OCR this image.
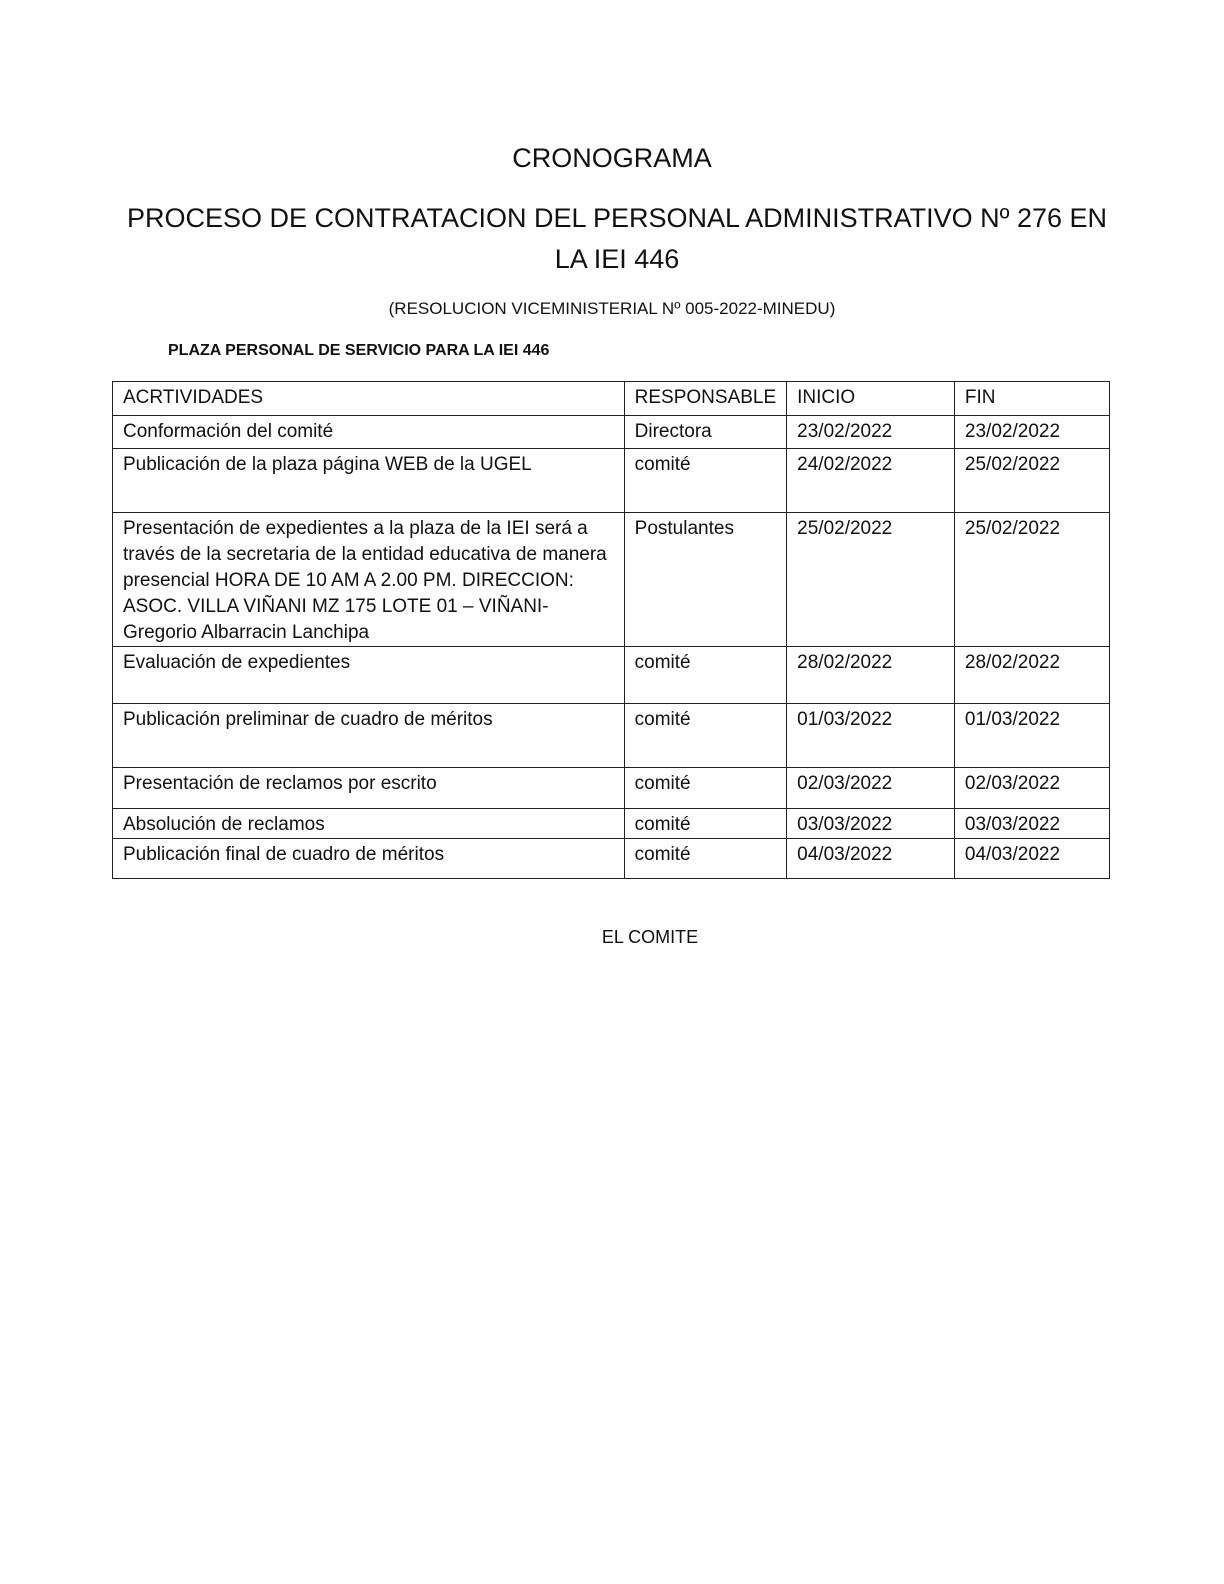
CRONOGRAMA
PROCESO DE CONTRATACION DEL PERSONAL ADMINISTRATIVO Nº 276 EN LA IEI 446
(RESOLUCION VICEMINISTERIAL Nº 005-2022-MINEDU)
PLAZA PERSONAL DE SERVICIO PARA LA IEI 446
ACRTIVIDADES	RESPONSABLE	INICIO	FIN
Conformación del comité	Directora	23/02/2022	23/02/2022
Publicación de la plaza página WEB de la UGEL	comité	24/02/2022	25/02/2022
Presentación de expedientes a la plaza de la IEI será a través de la secretaria de la entidad educativa de manera presencial HORA DE 10 AM A 2.00 PM. DIRECCION: ASOC. VILLA VIÑANI MZ 175 LOTE 01 – VIÑANI-Gregorio Albarracin Lanchipa	Postulantes	25/02/2022	25/02/2022
Evaluación de expedientes	comité	28/02/2022	28/02/2022
Publicación preliminar de cuadro de méritos	comité	01/03/2022	01/03/2022
Presentación de reclamos por escrito	comité	02/03/2022	02/03/2022
Absolución de reclamos	comité	03/03/2022	03/03/2022
Publicación final de cuadro de méritos	comité	04/03/2022	04/03/2022
EL COMITE
